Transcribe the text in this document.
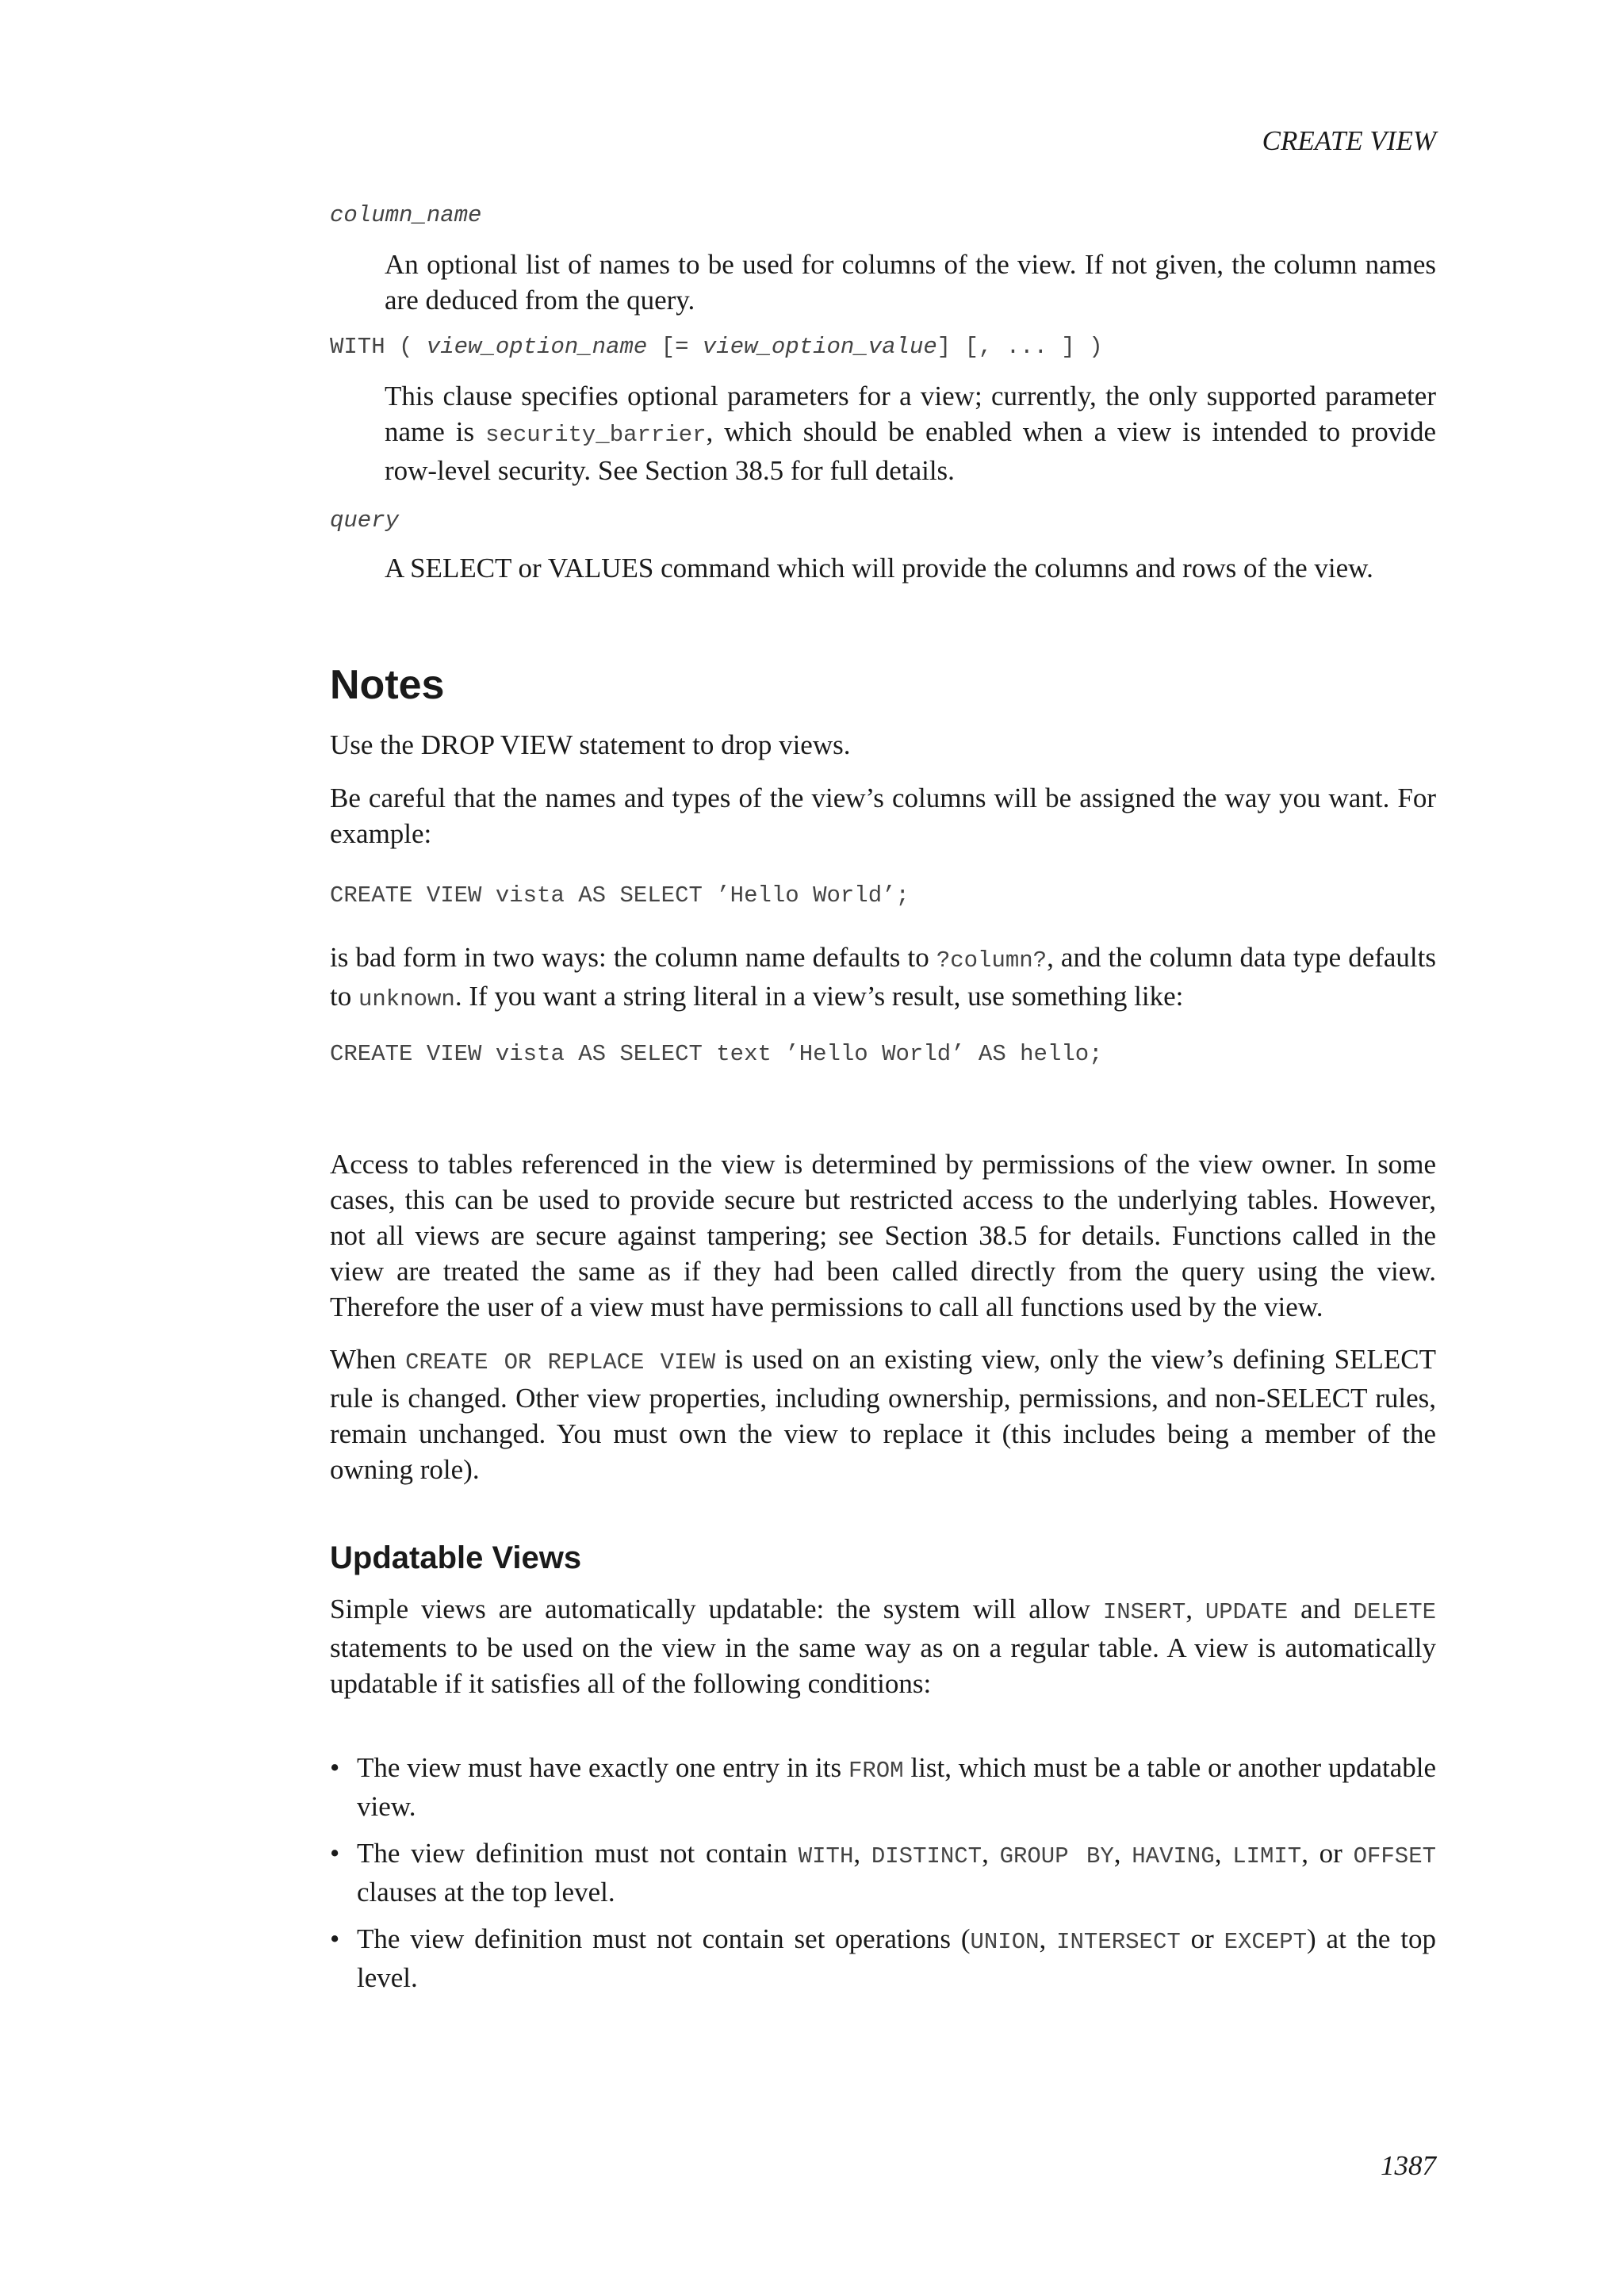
CREATE VIEW
column_name
An optional list of names to be used for columns of the view. If not given, the column names are deduced from the query.
WITH ( view_option_name [= view_option_value] [, ... ] )
This clause specifies optional parameters for a view; currently, the only supported parameter name is security_barrier, which should be enabled when a view is intended to provide row-level security. See Section 38.5 for full details.
query
A SELECT or VALUES command which will provide the columns and rows of the view.
Notes
Use the DROP VIEW statement to drop views.
Be careful that the names and types of the view’s columns will be assigned the way you want. For example:
CREATE VIEW vista AS SELECT ’Hello World’;
is bad form in two ways: the column name defaults to ?column?, and the column data type defaults to unknown. If you want a string literal in a view’s result, use something like:
CREATE VIEW vista AS SELECT text ’Hello World’ AS hello;
Access to tables referenced in the view is determined by permissions of the view owner. In some cases, this can be used to provide secure but restricted access to the underlying tables. However, not all views are secure against tampering; see Section 38.5 for details. Functions called in the view are treated the same as if they had been called directly from the query using the view. Therefore the user of a view must have permissions to call all functions used by the view.
When CREATE OR REPLACE VIEW is used on an existing view, only the view’s defining SELECT rule is changed. Other view properties, including ownership, permissions, and non-SELECT rules, remain unchanged. You must own the view to replace it (this includes being a member of the owning role).
Updatable Views
Simple views are automatically updatable: the system will allow INSERT, UPDATE and DELETE statements to be used on the view in the same way as on a regular table. A view is automatically updatable if it satisfies all of the following conditions:
• The view must have exactly one entry in its FROM list, which must be a table or another updatable view.
• The view definition must not contain WITH, DISTINCT, GROUP BY, HAVING, LIMIT, or OFFSET clauses at the top level.
• The view definition must not contain set operations (UNION, INTERSECT or EXCEPT) at the top level.
1387
